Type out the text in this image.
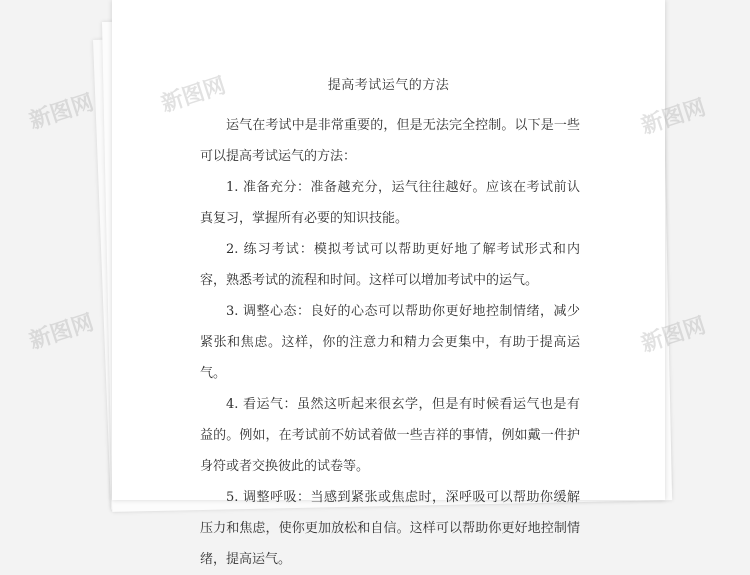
提高考试运气的方法

运气在考试中是非常重要的，但是无法完全控制。以下是一些可以提高考试运气的方法：

1. 准备充分：准备越充分，运气往往越好。应该在考试前认真复习，掌握所有必要的知识技能。

2. 练习考试：模拟考试可以帮助更好地了解考试形式和内容，熟悉考试的流程和时间。这样可以增加考试中的运气。

3. 调整心态：良好的心态可以帮助你更好地控制情绪，减少紧张和焦虑。这样，你的注意力和精力会更集中，有助于提高运气。

4. 看运气：虽然这听起来很玄学，但是有时候看运气也是有益的。例如，在考试前不妨试着做一些吉祥的事情，例如戴一件护身符或者交换彼此的试卷等。

5. 调整呼吸：当感到紧张或焦虑时，深呼吸可以帮助你缓解压力和焦虑，使你更加放松和自信。这样可以帮助你更好地控制情绪，提高运气。

新图网	新图网	新图网
新图网	新图网
